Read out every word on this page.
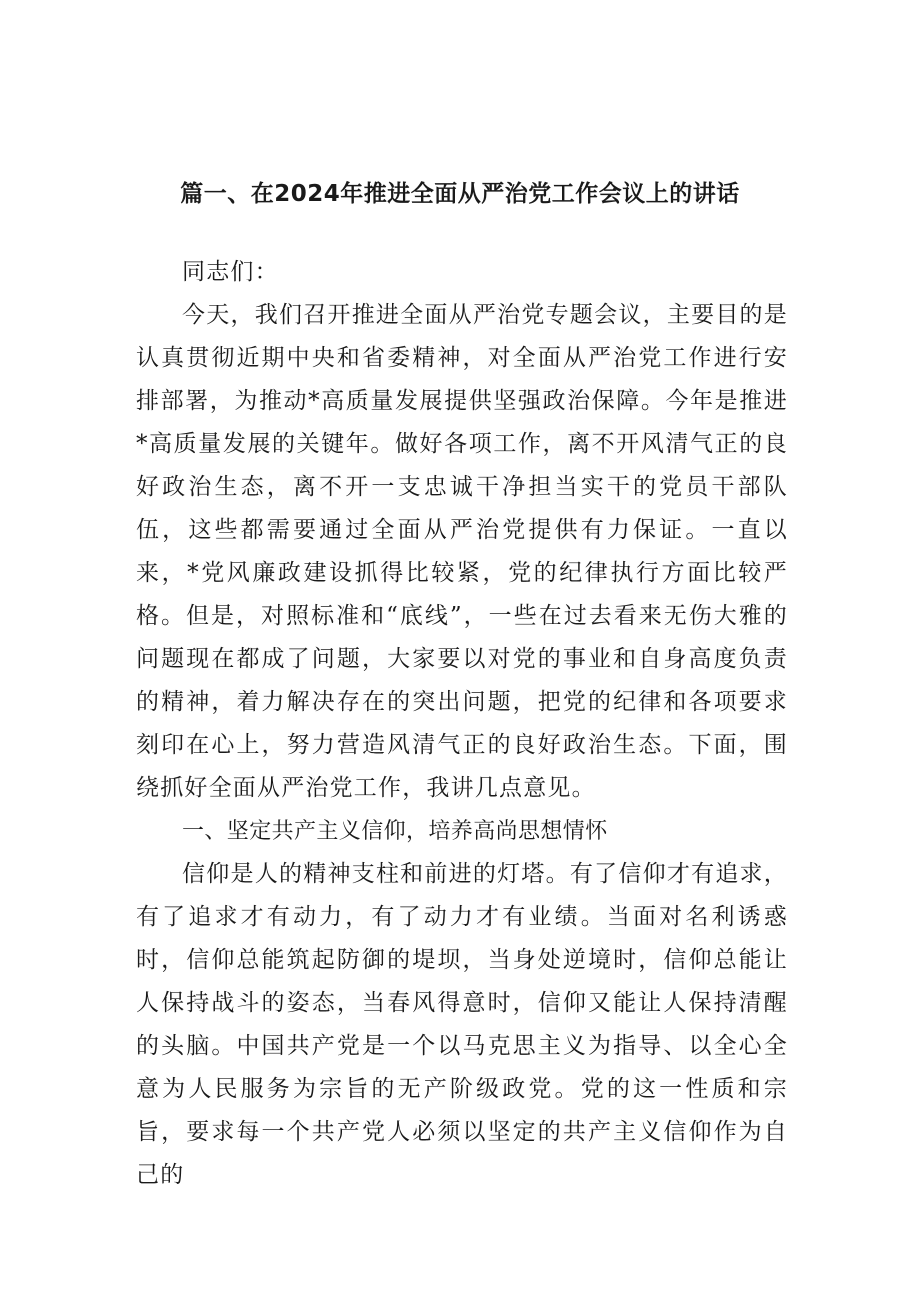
篇一、在2024年推进全面从严治党工作会议上的讲话

同志们：

今天，我们召开推进全面从严治党专题会议，主要目的是认真贯彻近期中央和省委精神，对全面从严治党工作进行安排部署，为推动*高质量发展提供坚强政治保障。今年是推进*高质量发展的关键年。做好各项工作，离不开风清气正的良好政治生态，离不开一支忠诚干净担当实干的党员干部队伍，这些都需要通过全面从严治党提供有力保证。一直以来，*党风廉政建设抓得比较紧，党的纪律执行方面比较严格。但是，对照标准和“底线”，一些在过去看来无伤大雅的问题现在都成了问题，大家要以对党的事业和自身高度负责的精神，着力解决存在的突出问题，把党的纪律和各项要求刻印在心上，努力营造风清气正的良好政治生态。下面，围绕抓好全面从严治党工作，我讲几点意见。

一、坚定共产主义信仰，培养高尚思想情怀

信仰是人的精神支柱和前进的灯塔。有了信仰才有追求，有了追求才有动力，有了动力才有业绩。当面对名利诱惑时，信仰总能筑起防御的堤坝，当身处逆境时，信仰总能让人保持战斗的姿态，当春风得意时，信仰又能让人保持清醒的头脑。中国共产党是一个以马克思主义为指导、以全心全意为人民服务为宗旨的无产阶级政党。党的这一性质和宗旨，要求每一个共产党人必须以坚定的共产主义信仰作为自己的
